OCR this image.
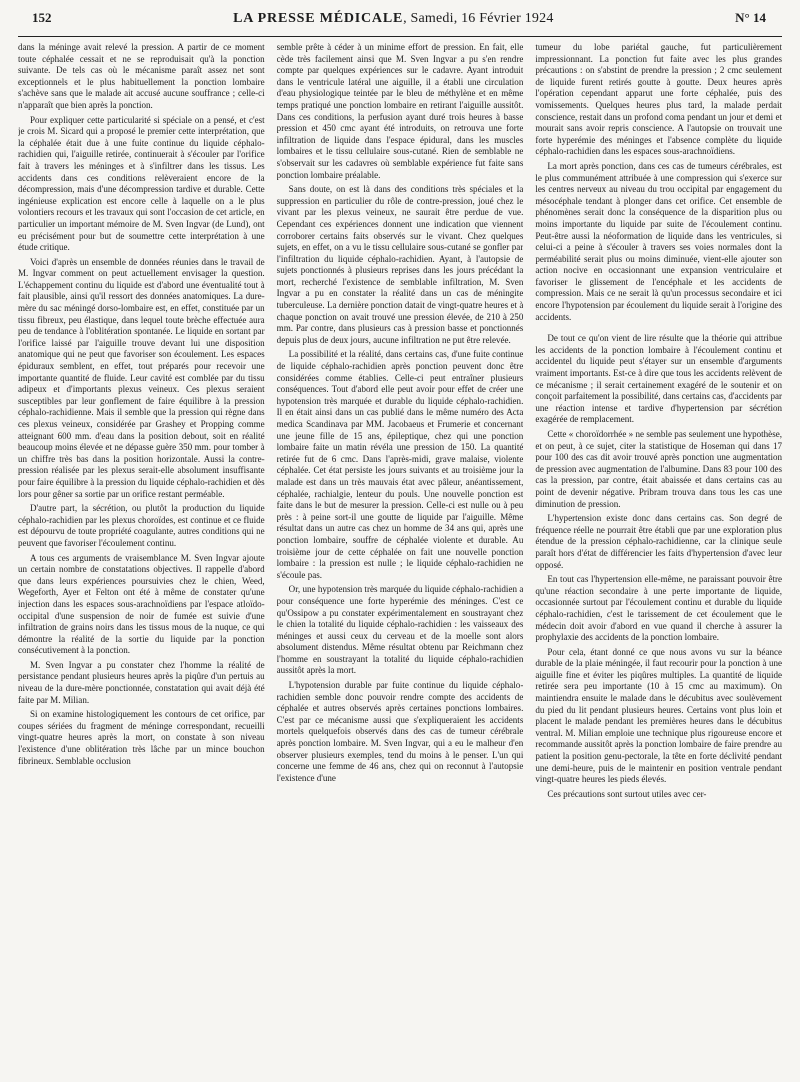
152	LA PRESSE MÉDICALE, Samedi, 16 Février 1924	N° 14

dans la méninge avait relevé la pression. A partir de ce moment toute céphalée cessait et ne se reproduisait qu'à la ponction suivante. De tels cas où le mécanisme paraît assez net sont exceptionnels et le plus habituellement la ponction lombaire s'achève sans que le malade ait accusé aucune souffrance ; celle-ci n'apparaît que bien après la ponction.

Pour expliquer cette particularité si spéciale on a pensé, et c'est je crois M. Sicard qui a proposé le premier cette interprétation, que la céphalée était due à une fuite continue du liquide céphalo-rachidien qui, l'aiguille retirée, continuerait à s'écouler par l'orifice fait à travers les méninges et à s'infiltrer dans les tissus. Les accidents dans ces conditions relèveraient encore de la décompression, mais d'une décompression tardive et durable. Cette ingénieuse explication est encore celle à laquelle on a le plus volontiers recours et les travaux qui sont l'occasion de cet article, en particulier un important mémoire de M. Sven Ingvar (de Lund), ont eu précisément pour but de soumettre cette interprétation à une étude critique.

Voici d'après un ensemble de données réunies dans le travail de M. Ingvar comment on peut actuellement envisager la question. L'échappement continu du liquide est d'abord une éventualité tout à fait plausible, ainsi qu'il ressort des données anatomiques. La dure-mère du sac méningé dorso-lombaire est, en effet, constituée par un tissu fibreux, peu élastique, dans lequel toute brèche effectuée aura peu de tendance à l'oblitération spontanée. Le liquide en sortant par l'orifice laissé par l'aiguille trouve devant lui une disposition anatomique qui ne peut que favoriser son écoulement. Les espaces épiduraux semblent, en effet, tout préparés pour recevoir une importante quantité de fluide. Leur cavité est comblée par du tissu adipeux et d'importants plexus veineux. Ces plexus seraient susceptibles par leur gonflement de faire équilibre à la pression céphalo-rachidienne. Mais il semble que la pression qui règne dans ces plexus veineux, considérée par Grashey et Propping comme atteignant 600 mm. d'eau dans la position debout, soit en réalité beaucoup moins élevée et ne dépasse guère 350 mm. pour tomber à un chiffre très bas dans la position horizontale. Aussi la contre-pression réalisée par les plexus serait-elle absolument insuffisante pour faire équilibre à la pression du liquide céphalo-rachidien et dès lors pour gêner sa sortie par un orifice restant perméable.

D'autre part, la sécrétion, ou plutôt la production du liquide céphalo-rachidien par les plexus choroïdes, est continue et ce fluide est dépourvu de toute propriété coagulante, autres conditions qui ne peuvent que favoriser l'écoulement continu.

A tous ces arguments de vraisemblance M. Sven Ingvar ajoute un certain nombre de constatations objectives. Il rappelle d'abord que dans leurs expériences poursuivies chez le chien, Weed, Wegeforth, Ayer et Felton ont été à même de constater qu'une injection dans les espaces sous-arachnoïdiens par l'espace atloïdo-occipital d'une suspension de noir de fumée est suivie d'une infiltration de grains noirs dans les tissus mous de la nuque, ce qui démontre la réalité de la sortie du liquide par la ponction consécutivement à la ponction.

M. Sven Ingvar a pu constater chez l'homme la réalité de persistance pendant plusieurs heures après la piqûre d'un pertuis au niveau de la dure-mère ponctionnée, constatation qui avait déjà été faite par M. Milian.

Si on examine histologiquement les contours de cet orifice, par coupes sériées du fragment de méninge correspondant, recueilli vingt-quatre heures après la mort, on constate à son niveau l'existence d'une oblitération très lâche par un mince bouchon fibrineux. Semblable occlusion

semble prête à céder à un minime effort de pression. En fait, elle cède très facilement ainsi que M. Sven Ingvar a pu s'en rendre compte par quelques expériences sur le cadavre. Ayant introduit dans le ventricule latéral une aiguille, il a établi une circulation d'eau physiologique teintée par le bleu de méthylène et en même temps pratiqué une ponction lombaire en retirant l'aiguille aussitôt. Dans ces conditions, la perfusion ayant duré trois heures à basse pression et 450 cmc ayant été introduits, on retrouva une forte infiltration de liquide dans l'espace épidural, dans les muscles lombaires et le tissu cellulaire sous-cutané. Rien de semblable ne s'observait sur les cadavres où semblable expérience fut faite sans ponction lombaire préalable.

Sans doute, on est là dans des conditions très spéciales et la suppression en particulier du rôle de contre-pression, joué chez le vivant par les plexus veineux, ne saurait être perdue de vue. Cependant ces expériences donnent une indication que viennent corroborer certains faits observés sur le vivant. Chez quelques sujets, en effet, on a vu le tissu cellulaire sous-cutané se gonfler par l'infiltration du liquide céphalo-rachidien. Ayant, à l'autopsie de sujets ponctionnés à plusieurs reprises dans les jours précédant la mort, recherché l'existence de semblable infiltration, M. Sven Ingvar a pu en constater la réalité dans un cas de méningite tuberculeuse. La dernière ponction datait de vingt-quatre heures et à chaque ponction on avait trouvé une pression élevée, de 210 à 250 mm. Par contre, dans plusieurs cas à pression basse et ponctionnés depuis plus de deux jours, aucune infiltration ne put être relevée.

La possibilité et la réalité, dans certains cas, d'une fuite continue de liquide céphalo-rachidien après ponction peuvent donc être considérées comme établies. Celle-ci peut entraîner plusieurs conséquences. Tout d'abord elle peut avoir pour effet de créer une hypotension très marquée et durable du liquide céphalo-rachidien. Il en était ainsi dans un cas publié dans le même numéro des Acta medica Scandinava par MM. Jacobaeus et Frumerie et concernant une jeune fille de 15 ans, épileptique, chez qui une ponction lombaire faite un matin révéla une pression de 150. La quantité retirée fut de 6 cmc. Dans l'après-midi, grave malaise, violente céphalée. Cet état persiste les jours suivants et au troisième jour la malade est dans un très mauvais état avec pâleur, anéantissement, céphalée, rachialgie, lenteur du pouls. Une nouvelle ponction est faite dans le but de mesurer la pression. Celle-ci est nulle ou à peu près : à peine sort-il une goutte de liquide par l'aiguille. Même résultat dans un autre cas chez un homme de 34 ans qui, après une ponction lombaire, souffre de céphalée violente et durable. Au troisième jour de cette céphalée on fait une nouvelle ponction lombaire : la pression est nulle ; le liquide céphalo-rachidien ne s'écoule pas.

Or, une hypotension très marquée du liquide céphalo-rachidien a pour conséquence une forte hyperémie des méninges. C'est ce qu'Ossipow a pu constater expérimentalement en soustrayant chez le chien la totalité du liquide céphalo-rachidien : les vaisseaux des méninges et aussi ceux du cerveau et de la moelle sont alors absolument distendus. Même résultat obtenu par Reichmann chez l'homme en soustrayant la totalité du liquide céphalo-rachidien aussitôt après la mort.

L'hypotension durable par fuite continue du liquide céphalo-rachidien semble donc pouvoir rendre compte des accidents de céphalée et autres observés après certaines ponctions lombaires. C'est par ce mécanisme aussi que s'expliqueraient les accidents mortels quelquefois observés dans des cas de tumeur cérébrale après ponction lombaire. M. Sven Ingvar, qui a eu le malheur d'en observer plusieurs exemples, tend du moins à le penser. L'un qui concerne une femme de 46 ans, chez qui on reconnut à l'autopsie l'existence d'une

tumeur du lobe pariétal gauche, fut particulièrement impressionnant. La ponction fut faite avec les plus grandes précautions : on s'abstint de prendre la pression ; 2 cmc seulement de liquide furent retirés goutte à goutte. Deux heures après l'opération cependant apparut une forte céphalée, puis des vomissements. Quelques heures plus tard, la malade perdait conscience, restait dans un profond coma pendant un jour et demi et mourait sans avoir repris conscience. A l'autopsie on trouvait une forte hyperémie des méninges et l'absence complète du liquide céphalo-rachidien dans les espaces sous-arachnoïdiens.

La mort après ponction, dans ces cas de tumeurs cérébrales, est le plus communément attribuée à une compression qui s'exerce sur les centres nerveux au niveau du trou occipital par engagement du mésocéphale tendant à plonger dans cet orifice. Cet ensemble de phénomènes serait donc la conséquence de la disparition plus ou moins importante du liquide par suite de l'écoulement continu. Peut-être aussi la néoformation de liquide dans les ventricules, si celui-ci a peine à s'écouler à travers ses voies normales dont la perméabilité serait plus ou moins diminuée, vient-elle ajouter son action nocive en occasionnant une expansion ventriculaire et favoriser le glissement de l'encéphale et les accidents de compression. Mais ce ne serait là qu'un processus secondaire et ici encore l'hypotension par écoulement du liquide serait à l'origine des accidents.

De tout ce qu'on vient de lire résulte que la théorie qui attribue les accidents de la ponction lombaire à l'écoulement continu et accidentel du liquide peut s'étayer sur un ensemble d'arguments vraiment importants. Est-ce à dire que tous les accidents relèvent de ce mécanisme ; il serait certainement exagéré de le soutenir et on conçoit parfaitement la possibilité, dans certains cas, d'accidents par une réaction intense et tardive d'hypertension par sécrétion exagérée de remplacement.

Cette « choroïdorrhée » ne semble pas seulement une hypothèse, et on peut, à ce sujet, citer la statistique de Hoseman qui dans 17 pour 100 des cas dit avoir trouvé après ponction une augmentation de pression avec augmentation de l'albumine. Dans 83 pour 100 des cas la pression, par contre, était abaissée et dans certains cas au point de devenir négative. Pribram trouva dans tous les cas une diminution de pression.

L'hypertension existe donc dans certains cas. Son degré de fréquence réelle ne pourrait être établi que par une exploration plus étendue de la pression céphalo-rachidienne, car la clinique seule paraît hors d'état de différencier les faits d'hypertension d'avec leur opposé.

En tout cas l'hypertension elle-même, ne paraissant pouvoir être qu'une réaction secondaire à une perte importante de liquide, occasionnée surtout par l'écoulement continu et durable du liquide céphalo-rachidien, c'est le tarissement de cet écoulement que le médecin doit avoir d'abord en vue quand il cherche à assurer la prophylaxie des accidents de la ponction lombaire.

Pour cela, étant donné ce que nous avons vu sur la béance durable de la plaie méningée, il faut recourir pour la ponction à une aiguille fine et éviter les piqûres multiples. La quantité de liquide retirée sera peu importante (10 à 15 cmc au maximum). On maintiendra ensuite le malade dans le décubitus avec soulèvement du pied du lit pendant plusieurs heures. Certains vont plus loin et placent le malade pendant les premières heures dans le décubitus ventral. M. Milian emploie une technique plus rigoureuse encore et recommande aussitôt après la ponction lombaire de faire prendre au patient la position genu-pectorale, la tête en forte déclivité pendant une demi-heure, puis de le maintenir en position ventrale pendant vingt-quatre heures les pieds élevés.

Ces précautions sont surtout utiles avec cer-
